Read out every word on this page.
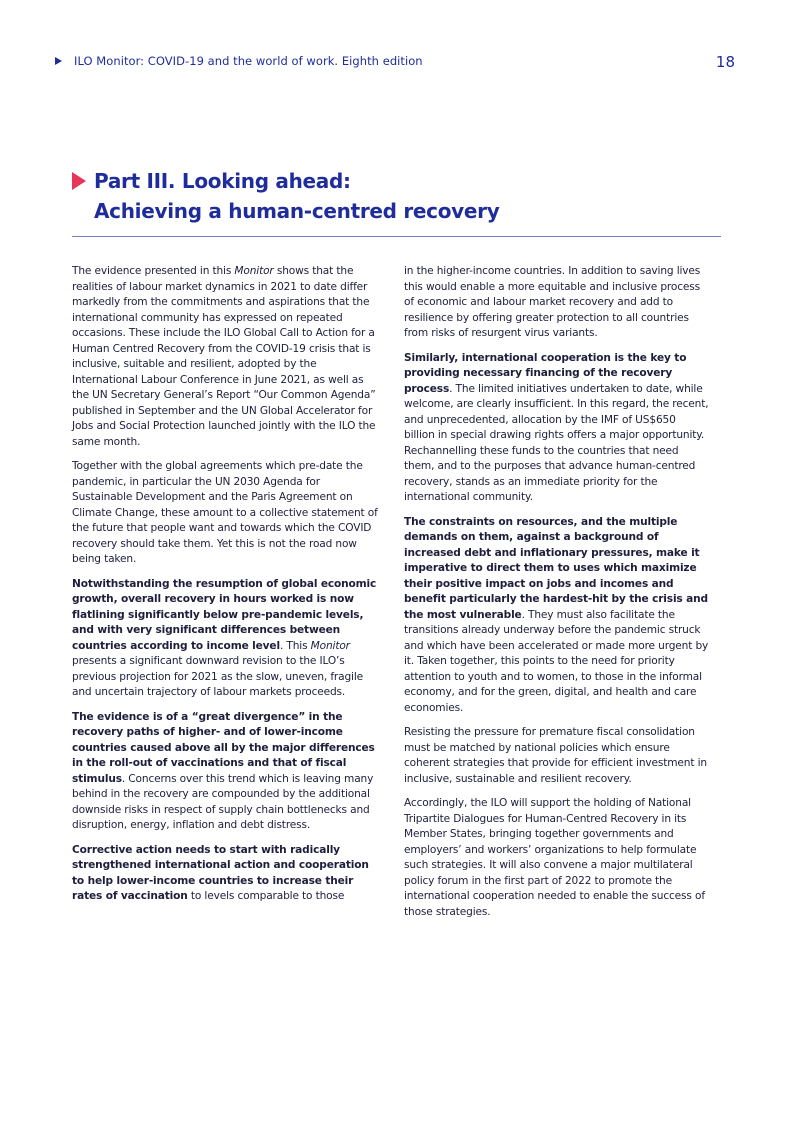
ILO Monitor: COVID-19 and the world of work. Eighth edition	18
Part III. Looking ahead:
Achieving a human-centred recovery

The evidence presented in this Monitor shows that the realities of labour market dynamics in 2021 to date differ markedly from the commitments and aspirations that the international community has expressed on repeated occasions. These include the ILO Global Call to Action for a Human Centred Recovery from the COVID-19 crisis that is inclusive, suitable and resilient, adopted by the International Labour Conference in June 2021, as well as the UN Secretary General’s Report “Our Common Agenda” published in September and the UN Global Accelerator for Jobs and Social Protection launched jointly with the ILO the same month.

Together with the global agreements which pre-date the pandemic, in particular the UN 2030 Agenda for Sustainable Development and the Paris Agreement on Climate Change, these amount to a collective statement of the future that people want and towards which the COVID recovery should take them. Yet this is not the road now being taken.

Notwithstanding the resumption of global economic growth, overall recovery in hours worked is now flatlining significantly below pre-pandemic levels, and with very significant differences between countries according to income level. This Monitor presents a significant downward revision to the ILO’s previous projection for 2021 as the slow, uneven, fragile and uncertain trajectory of labour markets proceeds.

The evidence is of a “great divergence” in the recovery paths of higher- and of lower-income countries caused above all by the major differences in the roll-out of vaccinations and that of fiscal stimulus. Concerns over this trend which is leaving many behind in the recovery are compounded by the additional downside risks in respect of supply chain bottlenecks and disruption, energy, inflation and debt distress.

Corrective action needs to start with radically strengthened international action and cooperation to help lower-income countries to increase their rates of vaccination to levels comparable to those

in the higher-income countries. In addition to saving lives this would enable a more equitable and inclusive process of economic and labour market recovery and add to resilience by offering greater protection to all countries from risks of resurgent virus variants.

Similarly, international cooperation is the key to providing necessary financing of the recovery process. The limited initiatives undertaken to date, while welcome, are clearly insufficient. In this regard, the recent, and unprecedented, allocation by the IMF of US$650 billion in special drawing rights offers a major opportunity. Rechannelling these funds to the countries that need them, and to the purposes that advance human-centred recovery, stands as an immediate priority for the international community.

The constraints on resources, and the multiple demands on them, against a background of increased debt and inflationary pressures, make it imperative to direct them to uses which maximize their positive impact on jobs and incomes and benefit particularly the hardest-hit by the crisis and the most vulnerable. They must also facilitate the transitions already underway before the pandemic struck and which have been accelerated or made more urgent by it. Taken together, this points to the need for priority attention to youth and to women, to those in the informal economy, and for the green, digital, and health and care economies.

Resisting the pressure for premature fiscal consolidation must be matched by national policies which ensure coherent strategies that provide for efficient investment in inclusive, sustainable and resilient recovery.

Accordingly, the ILO will support the holding of National Tripartite Dialogues for Human-Centred Recovery in its Member States, bringing together governments and employers’ and workers’ organizations to help formulate such strategies. It will also convene a major multilateral policy forum in the first part of 2022 to promote the international cooperation needed to enable the success of those strategies.
